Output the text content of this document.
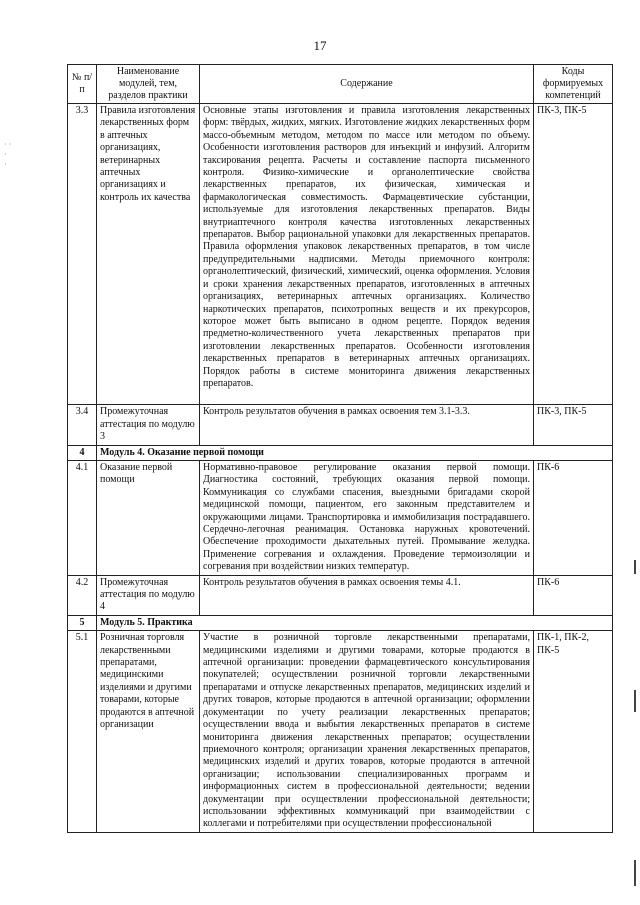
17
· ·
·
·
№ п/п	Наименование модулей, тем, разделов практики	Содержание	Коды формируемых компетенций
3.3	Правила изготовления лекарственных форм в аптечных организациях, ветеринарных аптечных организациях и контроль их качества	Основные этапы изготовления и правила изготовления лекарственных форм: твёрдых, жидких, мягких. Изготовление жидких лекарственных форм массо-объемным методом, методом по массе или методом по объему. Особенности изготовления растворов для инъекций и инфузий. Алгоритм таксирования рецепта. Расчеты и составление паспорта письменного контроля. Физико-химические и органолептические свойства лекарственных препаратов, их физическая, химическая и фармакологическая совместимость. Фармацевтические субстанции, используемые для изготовления лекарственных препаратов. Виды внутриаптечного контроля качества изготовленных лекарственных препаратов. Выбор рациональной упаковки для лекарственных препаратов. Правила оформления упаковок лекарственных препаратов, в том числе предупредительными надписями. Методы приемочного контроля: органолептический, физический, химический, оценка оформления. Условия и сроки хранения лекарственных препаратов, изготовленных в аптечных организациях, ветеринарных аптечных организациях. Количество наркотических препаратов, психотропных веществ и их прекурсоров, которое может быть выписано в одном рецепте. Порядок ведения предметно-количественного учета лекарственных препаратов при изготовлении лекарственных препаратов. Особенности изготовления лекарственных препаратов в ветеринарных аптечных организациях. Порядок работы в системе мониторинга движения лекарственных препаратов.	ПК-3, ПК-5
3.4	Промежуточная аттестация по модулю 3	Контроль результатов обучения в рамках освоения тем 3.1-3.3.	ПК-3, ПК-5
4	Модуль 4. Оказание первой помощи		
4.1	Оказание первой помощи	Нормативно-правовое регулирование оказания первой помощи. Диагностика состояний, требующих оказания первой помощи. Коммуникация со службами спасения, выездными бригадами скорой медицинской помощи, пациентом, его законным представителем и окружающими лицами. Транспортировка и иммобилизация пострадавшего. Сердечно-легочная реанимация. Остановка наружных кровотечений. Обеспечение проходимости дыхательных путей. Промывание желудка. Применение согревания и охлаждения. Проведение термоизоляции и согревания при воздействии низких температур.	ПК-6
4.2	Промежуточная аттестация по модулю 4	Контроль результатов обучения в рамках освоения темы 4.1.	ПК-6
5	Модуль 5. Практика		
5.1	Розничная торговля лекарственными препаратами, медицинскими изделиями и другими товарами, которые продаются в аптечной организации	Участие в розничной торговле лекарственными препаратами, медицинскими изделиями и другими товарами, которые продаются в аптечной организации: проведении фармацевтического консультирования покупателей; осуществлении розничной торговли лекарственными препаратами и отпуске лекарственных препаратов, медицинских изделий и других товаров, которые продаются в аптечной организации; оформлении документации по учету реализации лекарственных препаратов; осуществлении ввода и выбытия лекарственных препаратов в системе мониторинга движения лекарственных препаратов; осуществлении приемочного контроля; организации хранения лекарственных препаратов, медицинских изделий и других товаров, которые продаются в аптечной организации; использовании специализированных программ и информационных систем в профессиональной деятельности; ведении документации при осуществлении профессиональной деятельности; использовании эффективных коммуникаций при взаимодействии с коллегами и потребителями при осуществлении профессиональной	ПК-1, ПК-2, ПК-5
